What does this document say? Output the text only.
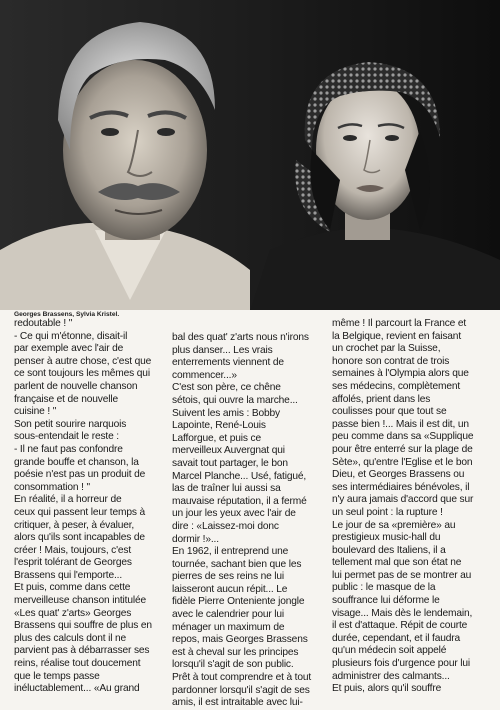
Georges Brassens, Sylvia Kristel.
redoutable ! "
- Ce qui m'étonne, disait-il
par exemple avec l'air de
penser à autre chose, c'est que
ce sont toujours les mêmes qui
parlent de nouvelle chanson
française et de nouvelle
cuisine ! "
Son petit sourire narquois
sous-entendait le reste :
- Il ne faut pas confondre
grande bouffe et chanson, la
poésie n'est pas un produit de
consommation ! "
En réalité, il a horreur de
ceux qui passent leur temps à
critiquer, à peser, à évaluer,
alors qu'ils sont incapables de
créer ! Mais, toujours, c'est
l'esprit tolérant de Georges
Brassens qui l'emporte...
Et puis, comme dans cette
merveilleuse chanson intitulée
«Les quat' z'arts» Georges
Brassens qui souffre de plus en
plus des calculs dont il ne
parvient pas à débarrasser ses
reins, réalise tout doucement
que le temps passe
inéluctablement... «Au grand
bal des quat' z'arts nous n'irons
plus danser... Les vrais
enterrements viennent de
commencer...»
C'est son père, ce chêne
sétois, qui ouvre la marche...
Suivent les amis : Bobby
Lapointe, René-Louis
Lafforgue, et puis ce
merveilleux Auvergnat qui
savait tout partager, le bon
Marcel Planche... Usé, fatigué,
las de traîner lui aussi sa
mauvaise réputation, il a fermé
un jour les yeux avec l'air de
dire : «Laissez-moi donc
dormir !»...
En 1962, il entreprend une
tournée, sachant bien que les
pierres de ses reins ne lui
laisseront aucun répit... Le
fidèle Pierre Onteniente jongle
avec le calendrier pour lui
ménager un maximum de
repos, mais Georges Brassens
est à cheval sur les principes
lorsqu'il s'agit de son public.
Prêt à tout comprendre et à tout
pardonner lorsqu'il s'agit de ses
amis, il est intraitable avec lui-
même ! Il parcourt la France et
la Belgique, revient en faisant
un crochet par la Suisse,
honore son contrat de trois
semaines à l'Olympia alors que
ses médecins, complètement
affolés, prient dans les
coulisses pour que tout se
passe bien !... Mais il est dit, un
peu comme dans sa «Supplique
pour être enterré sur la plage de
Sète», qu'entre l'Eglise et le bon
Dieu, et Georges Brassens ou
ses intermédiaires bénévoles, il
n'y aura jamais d'accord que sur
un seul point : la rupture !
Le jour de sa «première» au
prestigieux music-hall du
boulevard des Italiens, il a
tellement mal que son état ne
lui permet pas de se montrer au
public : le masque de la
souffrance lui déforme le
visage... Mais dès le lendemain,
il est d'attaque. Répit de courte
durée, cependant, et il faudra
qu'un médecin soit appelé
plusieurs fois d'urgence pour lui
administrer des calmants...
Et puis, alors qu'il souffre
